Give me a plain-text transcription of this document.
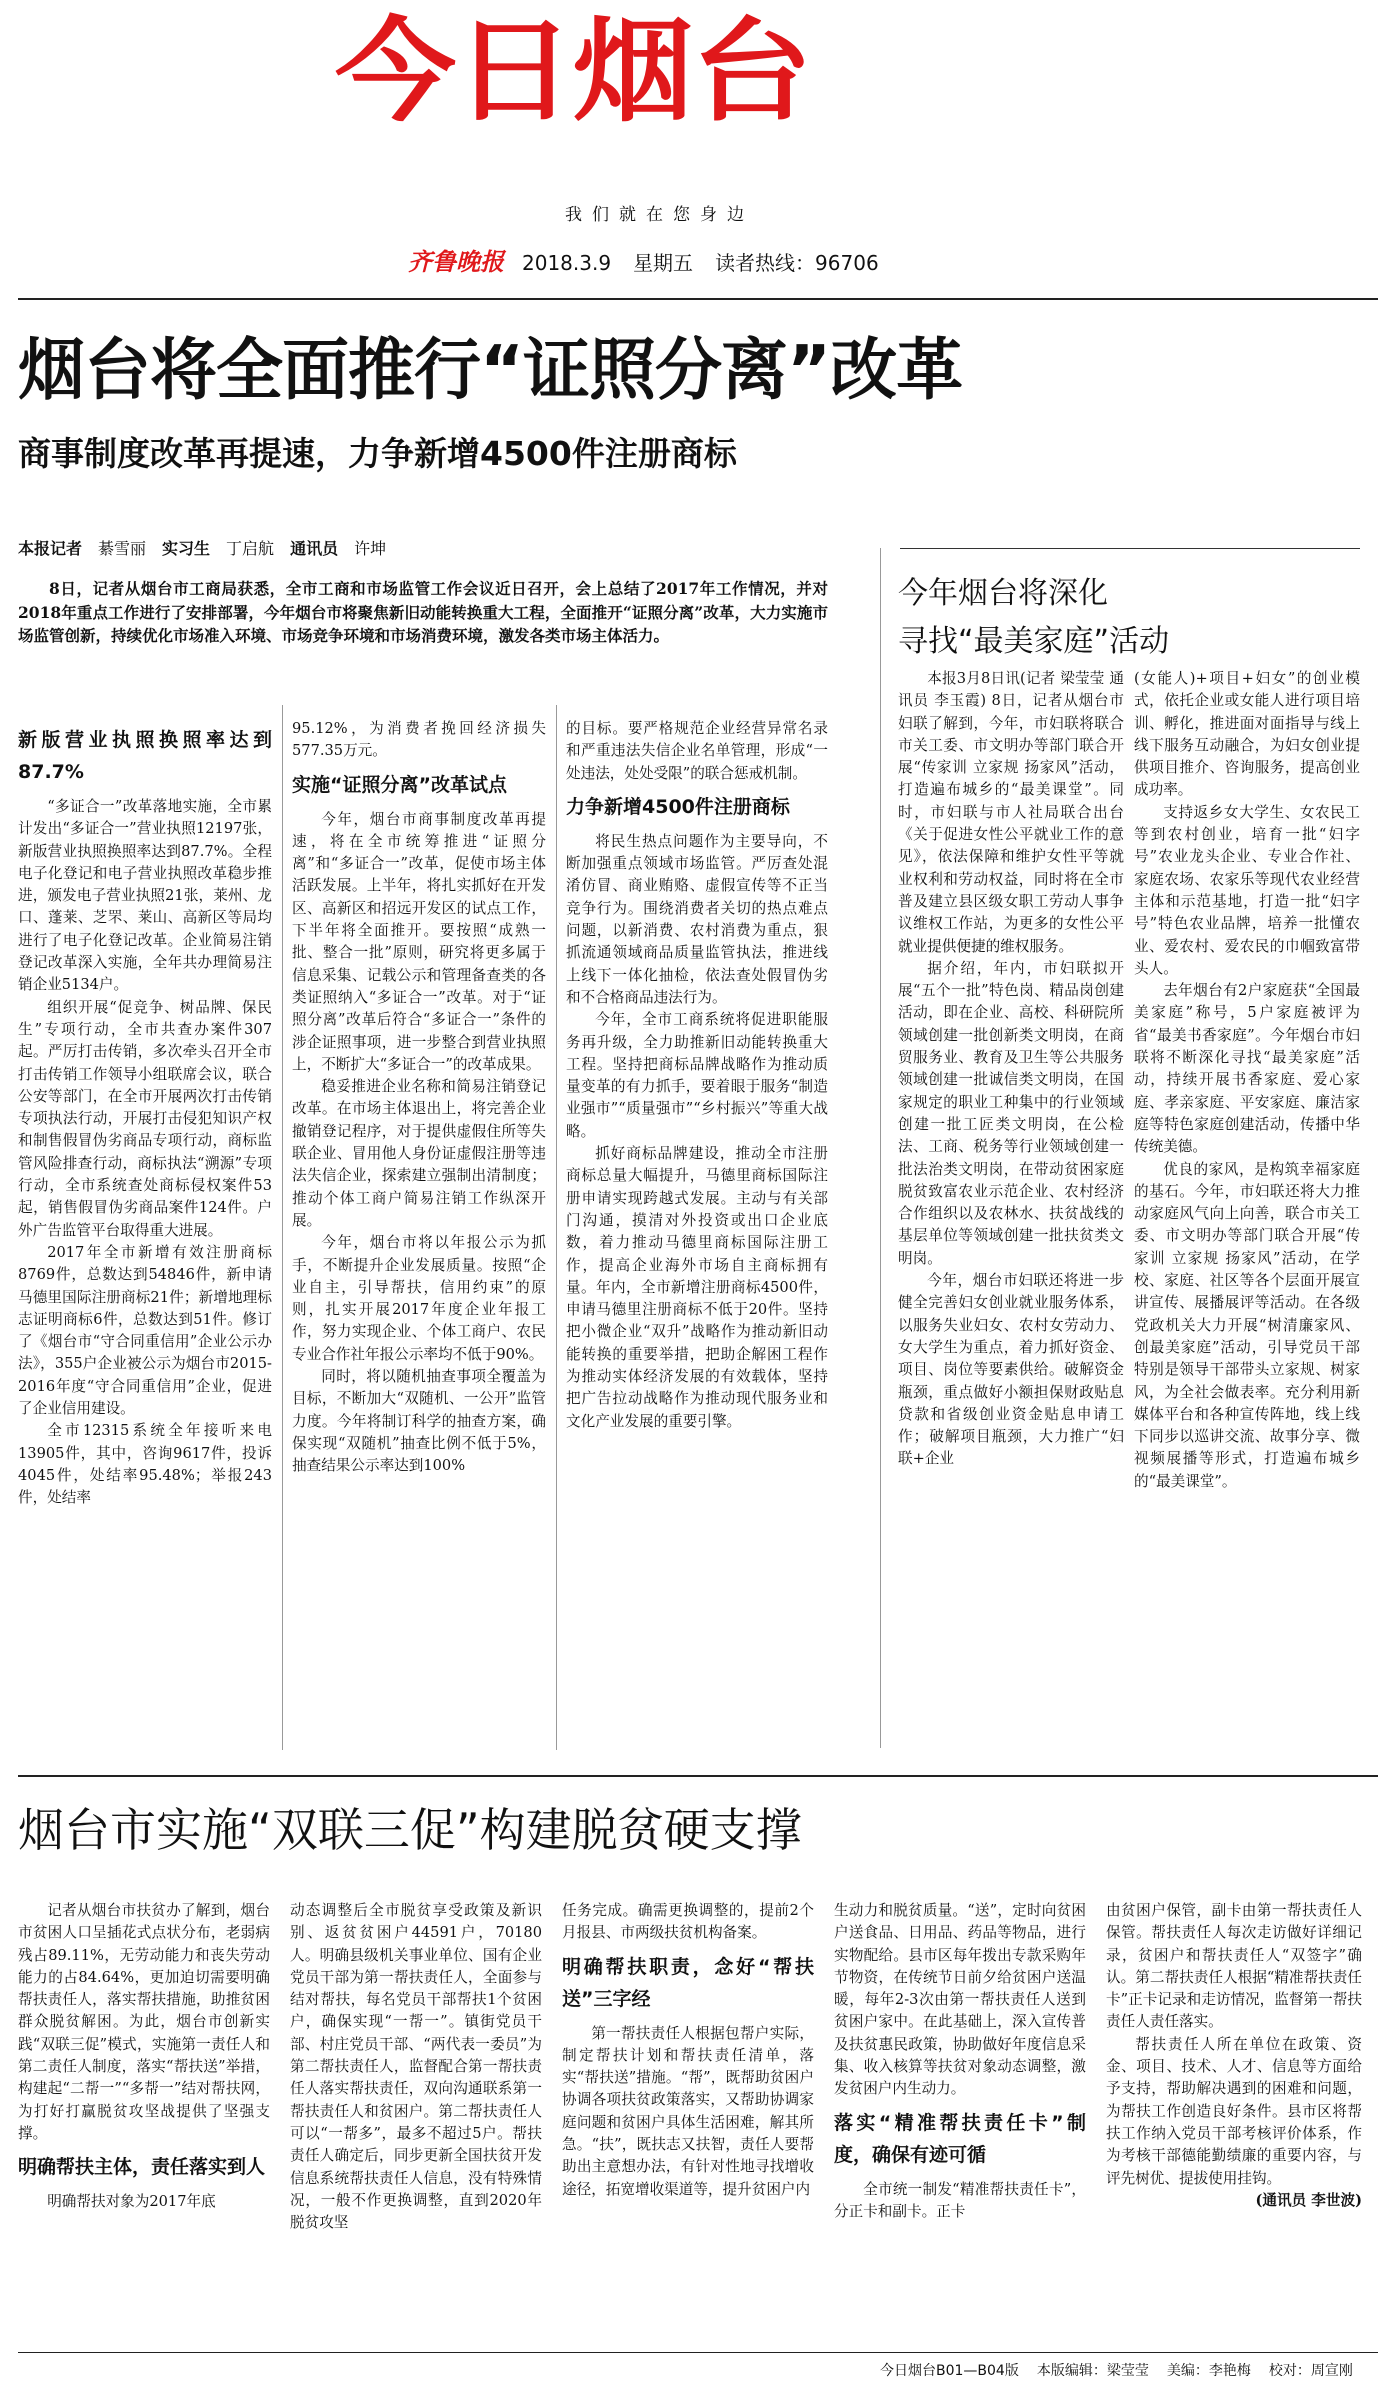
今日烟台
我们就在您身边
齐鲁晚报 2018.3.9 星期五 读者热线：96706
烟台将全面推行“证照分离”改革
商事制度改革再提速，力争新增4500件注册商标
本报记者 綦雪丽 实习生 丁启航 通讯员 许坤

8日，记者从烟台市工商局获悉，全市工商和市场监管工作会议近日召开，会上总结了2017年工作情况，并对2018年重点工作进行了安排部署，今年烟台市将聚焦新旧动能转换重大工程，全面推开“证照分离”改革，大力实施市场监管创新，持续优化市场准入环境、市场竞争环境和市场消费环境，激发各类市场主体活力。

新版营业执照换照率达到87.7%

“多证合一”改革落地实施，全市累计发出“多证合一”营业执照12197张，新版营业执照换照率达到87.7%。全程电子化登记和电子营业执照改革稳步推进，颁发电子营业执照21张，莱州、龙口、蓬莱、芝罘、莱山、高新区等局均进行了电子化登记改革。企业简易注销登记改革深入实施，全年共办理简易注销企业5134户。

组织开展“促竞争、树品牌、保民生”专项行动，全市共查办案件307起。严厉打击传销，多次牵头召开全市打击传销工作领导小组联席会议，联合公安等部门，在全市开展两次打击传销专项执法行动，开展打击侵犯知识产权和制售假冒伪劣商品专项行动，商标监管风险排查行动，商标执法“溯源”专项行动，全市系统查处商标侵权案件53起，销售假冒伪劣商品案件124件。户外广告监管平台取得重大进展。

2017年全市新增有效注册商标8769件，总数达到54846件，新申请马德里国际注册商标21件；新增地理标志证明商标6件，总数达到51件。修订了《烟台市“守合同重信用”企业公示办法》，355户企业被公示为烟台市2015-2016年度“守合同重信用”企业，促进了企业信用建设。

全市12315系统全年接听来电13905件，其中，咨询9617件，投诉4045件，处结率95.48%；举报243件，处结率

95.12%，为消费者挽回经济损失577.35万元。

实施“证照分离”改革试点

今年，烟台市商事制度改革再提速，将在全市统筹推进“证照分离”和“多证合一”改革，促使市场主体活跃发展。上半年，将扎实抓好在开发区、高新区和招远开发区的试点工作，下半年将全面推开。要按照“成熟一批、整合一批”原则，研究将更多属于信息采集、记载公示和管理备查类的各类证照纳入“多证合一”改革。对于“证照分离”改革后符合“多证合一”条件的涉企证照事项，进一步整合到营业执照上，不断扩大“多证合一”的改革成果。

稳妥推进企业名称和简易注销登记改革。在市场主体退出上，将完善企业撤销登记程序，对于提供虚假住所等失联企业、冒用他人身份证虚假注册等违法失信企业，探索建立强制出清制度；推动个体工商户简易注销工作纵深开展。

今年，烟台市将以年报公示为抓手，不断提升企业发展质量。按照“企业自主，引导帮扶，信用约束”的原则，扎实开展2017年度企业年报工作，努力实现企业、个体工商户、农民专业合作社年报公示率均不低于90%。

同时，将以随机抽查事项全覆盖为目标，不断加大“双随机、一公开”监管力度。今年将制订科学的抽查方案，确保实现“双随机”抽查比例不低于5%，抽查结果公示率达到100%

的目标。要严格规范企业经营异常名录和严重违法失信企业名单管理，形成“一处违法，处处受限”的联合惩戒机制。

力争新增4500件注册商标

将民生热点问题作为主要导向，不断加强重点领域市场监管。严厉查处混淆仿冒、商业贿赂、虚假宣传等不正当竞争行为。围绕消费者关切的热点难点问题，以新消费、农村消费为重点，狠抓流通领域商品质量监管执法，推进线上线下一体化抽检，依法查处假冒伪劣和不合格商品违法行为。

今年，全市工商系统将促进职能服务再升级，全力助推新旧动能转换重大工程。坚持把商标品牌战略作为推动质量变革的有力抓手，要着眼于服务“制造业强市”“质量强市”“乡村振兴”等重大战略。

抓好商标品牌建设，推动全市注册商标总量大幅提升，马德里商标国际注册申请实现跨越式发展。主动与有关部门沟通，摸清对外投资或出口企业底数，着力推动马德里商标国际注册工作，提高企业海外市场自主商标拥有量。年内，全市新增注册商标4500件，申请马德里注册商标不低于20件。坚持把小微企业“双升”战略作为推动新旧动能转换的重要举措，把助企解困工程作为推动实体经济发展的有效载体，坚持把广告拉动战略作为推动现代服务业和文化产业发展的重要引擎。

今年烟台将深化
寻找“最美家庭”活动

本报3月8日讯(记者 梁莹莹 通讯员 李玉霞) 8日，记者从烟台市妇联了解到，今年，市妇联将联合市关工委、市文明办等部门联合开展“传家训 立家规 扬家风”活动，打造遍布城乡的“最美课堂”。同时，市妇联与市人社局联合出台《关于促进女性公平就业工作的意见》，依法保障和维护女性平等就业权利和劳动权益，同时将在全市普及建立县区级女职工劳动人事争议维权工作站，为更多的女性公平就业提供便捷的维权服务。

据介绍，年内，市妇联拟开展“五个一批”特色岗、精品岗创建活动，即在企业、高校、科研院所领域创建一批创新类文明岗，在商贸服务业、教育及卫生等公共服务领域创建一批诚信类文明岗，在国家规定的职业工种集中的行业领域创建一批工匠类文明岗，在公检法、工商、税务等行业领域创建一批法治类文明岗，在带动贫困家庭脱贫致富农业示范企业、农村经济合作组织以及农林水、扶贫战线的基层单位等领域创建一批扶贫类文明岗。

今年，烟台市妇联还将进一步健全完善妇女创业就业服务体系，以服务失业妇女、农村女劳动力、女大学生为重点，着力抓好资金、项目、岗位等要素供给。破解资金瓶颈，重点做好小额担保财政贴息贷款和省级创业资金贴息申请工作；破解项目瓶颈，大力推广“妇联+企业

(女能人)+项目+妇女”的创业模式，依托企业或女能人进行项目培训、孵化，推进面对面指导与线上线下服务互动融合，为妇女创业提供项目推介、咨询服务，提高创业成功率。

支持返乡女大学生、女农民工等到农村创业，培育一批“妇字号”农业龙头企业、专业合作社、家庭农场、农家乐等现代农业经营主体和示范基地，打造一批“妇字号”特色农业品牌，培养一批懂农业、爱农村、爱农民的巾帼致富带头人。

去年烟台有2户家庭获“全国最美家庭”称号，5户家庭被评为省“最美书香家庭”。今年烟台市妇联将不断深化寻找“最美家庭”活动，持续开展书香家庭、爱心家庭、孝亲家庭、平安家庭、廉洁家庭等特色家庭创建活动，传播中华传统美德。

优良的家风，是构筑幸福家庭的基石。今年，市妇联还将大力推动家庭风气向上向善，联合市关工委、市文明办等部门联合开展“传家训 立家规 扬家风”活动，在学校、家庭、社区等各个层面开展宣讲宣传、展播展评等活动。在各级党政机关大力开展“树清廉家风、创最美家庭”活动，引导党员干部特别是领导干部带头立家规、树家风，为全社会做表率。充分利用新媒体平台和各种宣传阵地，线上线下同步以巡讲交流、故事分享、微视频展播等形式，打造遍布城乡的“最美课堂”。

烟台市实施“双联三促”构建脱贫硬支撑

记者从烟台市扶贫办了解到，烟台市贫困人口呈插花式点状分布，老弱病残占89.11%，无劳动能力和丧失劳动能力的占84.64%，更加迫切需要明确帮扶责任人，落实帮扶措施，助推贫困群众脱贫解困。为此，烟台市创新实践“双联三促”模式，实施第一责任人和第二责任人制度，落实“帮扶送”举措，构建起“二帮一”“多帮一”结对帮扶网，为打好打赢脱贫攻坚战提供了坚强支撑。

明确帮扶主体，责任落实到人

明确帮扶对象为2017年底

动态调整后全市脱贫享受政策及新识别、返贫贫困户44591户，70180人。明确县级机关事业单位、国有企业党员干部为第一帮扶责任人，全面参与结对帮扶，每名党员干部帮扶1个贫困户，确保实现“一帮一”。镇街党员干部、村庄党员干部、“两代表一委员”为第二帮扶责任人，监督配合第一帮扶责任人落实帮扶责任，双向沟通联系第一帮扶责任人和贫困户。第二帮扶责任人可以“一帮多”，最多不超过5户。帮扶责任人确定后，同步更新全国扶贫开发信息系统帮扶责任人信息，没有特殊情况，一般不作更换调整，直到2020年脱贫攻坚

任务完成。确需更换调整的，提前2个月报县、市两级扶贫机构备案。

明确帮扶职责，念好“帮扶送”三字经

第一帮扶责任人根据包帮户实际，制定帮扶计划和帮扶责任清单，落实“帮扶送”措施。“帮”，既帮助贫困户协调各项扶贫政策落实，又帮助协调家庭问题和贫困户具体生活困难，解其所急。“扶”，既扶志又扶智，责任人要帮助出主意想办法，有针对性地寻找增收途径，拓宽增收渠道等，提升贫困户内

生动力和脱贫质量。“送”，定时向贫困户送食品、日用品、药品等物品，进行实物配给。县市区每年拨出专款采购年节物资，在传统节日前夕给贫困户送温暖，每年2-3次由第一帮扶责任人送到贫困户家中。在此基础上，深入宣传普及扶贫惠民政策，协助做好年度信息采集、收入核算等扶贫对象动态调整，激发贫困户内生动力。

落实“精准帮扶责任卡”制度，确保有迹可循

全市统一制发“精准帮扶责任卡”，分正卡和副卡。正卡

由贫困户保管，副卡由第一帮扶责任人保管。帮扶责任人每次走访做好详细记录，贫困户和帮扶责任人“双签字”确认。第二帮扶责任人根据“精准帮扶责任卡”正卡记录和走访情况，监督第一帮扶责任人责任落实。

帮扶责任人所在单位在政策、资金、项目、技术、人才、信息等方面给予支持，帮助解决遇到的困难和问题，为帮扶工作创造良好条件。县市区将帮扶工作纳入党员干部考核评价体系，作为考核干部德能勤绩廉的重要内容，与评先树优、提拔使用挂钩。

(通讯员 李世波)

今日烟台B01—B04版 本版编辑：梁莹莹 美编：李艳梅 校对：周宣刚
